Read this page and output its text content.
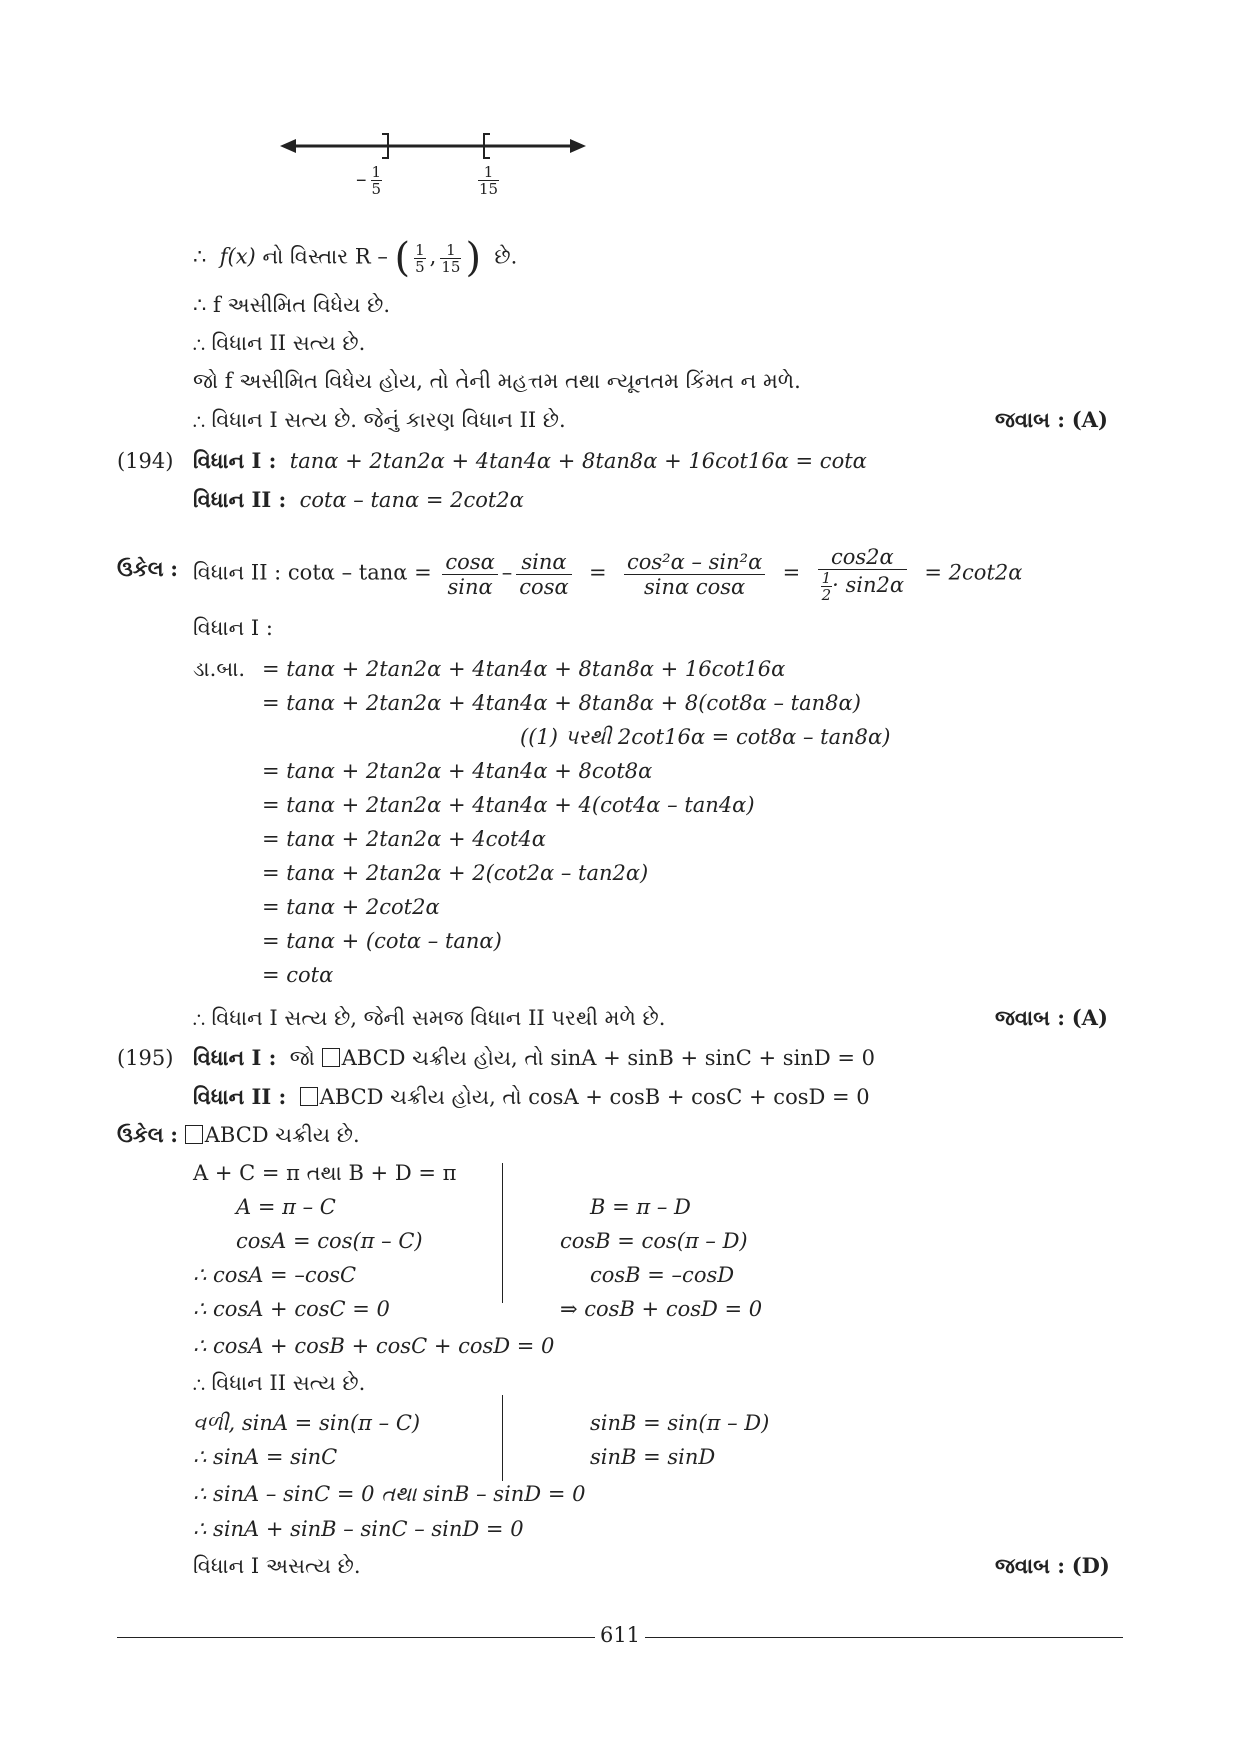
– $\frac{1}{5}$	$\frac{1}{15}$
∴ f(x) નો વિસ્તાર R – ( $\frac{1}{5}$ , $\frac{1}{15}$ ) છે.
∴ f અસીમિત વિધેય છે.
∴ વિધાન II સત્ય છે.
જો f અસીમિત વિધેય હોય, તો તેની મહત્તમ તથા ન્યૂનતમ કિંમત ન મળે.
∴ વિધાન I સત્ય છે. જેનું કારણ વિધાન II છે.	જવાબ : (A)
(194) વિધાન I : tanα + 2tan2α + 4tan4α + 8tan8α + 16cot16α = cotα
વિધાન II : cotα – tanα = 2cot2α
ઉકેલ : વિધાન II : $\cot\alpha - \tan\alpha = \frac{\cos\alpha}{\sin\alpha} - \frac{\sin\alpha}{\cos\alpha} = \frac{\text{cos²α – sin²α}}{\text{sinα cosα}} = \frac{\cos 2\alpha}{\frac{1}{2} \cdot \sin 2\alpha} = 2\cot 2\alpha$
વિધાન I :
ડા.બા. = tanα + 2tan2α + 4tan4α + 8tan8α + 16cot16α
= tanα + 2tan2α + 4tan4α + 8tan8α + 8(cot8α – tan8α)
((1) પરથી 2cot16α = cot8α – tan8α)
= tanα + 2tan2α + 4tan4α + 8cot8α
= tanα + 2tan2α + 4tan4α + 4(cot4α – tan4α)
= tanα + 2tan2α + 4cot4α
= tanα + 2tan2α + 2(cot2α – tan2α)
= tanα + 2cot2α
= tanα + (cotα – tanα)
= cotα
∴ વિધાન I સત્ય છે, જેની સમજ વિધાન II પરથી મળે છે.	જવાબ : (A)
(195) વિધાન I : જો ABCD ચક્રીય હોય, તો sinA + sinB + sinC + sinD = 0
વિધાન II : ABCD ચક્રીય હોય, તો cosA + cosB + cosC + cosD = 0
ઉકેલ : ABCD ચક્રીય છે.
A + C = π તથા B + D = π
A = π – C
cosA = cos(π – C)
∴ cosA = –cosC
∴ cosA + cosC = 0
B = π – D
cosB = cos(π – D)
cosB = –cosD
⇒ cosB + cosD = 0
∴ cosA + cosB + cosC + cosD = 0
∴ વિધાન II સત્ય છે.
વળી, sinA = sin(π – C)
∴ sinA = sinC
sinB = sin(π – D)
sinB = sinD
∴ sinA – sinC = 0 તથા sinB – sinD = 0
∴ sinA + sinB – sinC – sinD = 0
વિધાન I અસત્ય છે.	જવાબ : (D)
611
